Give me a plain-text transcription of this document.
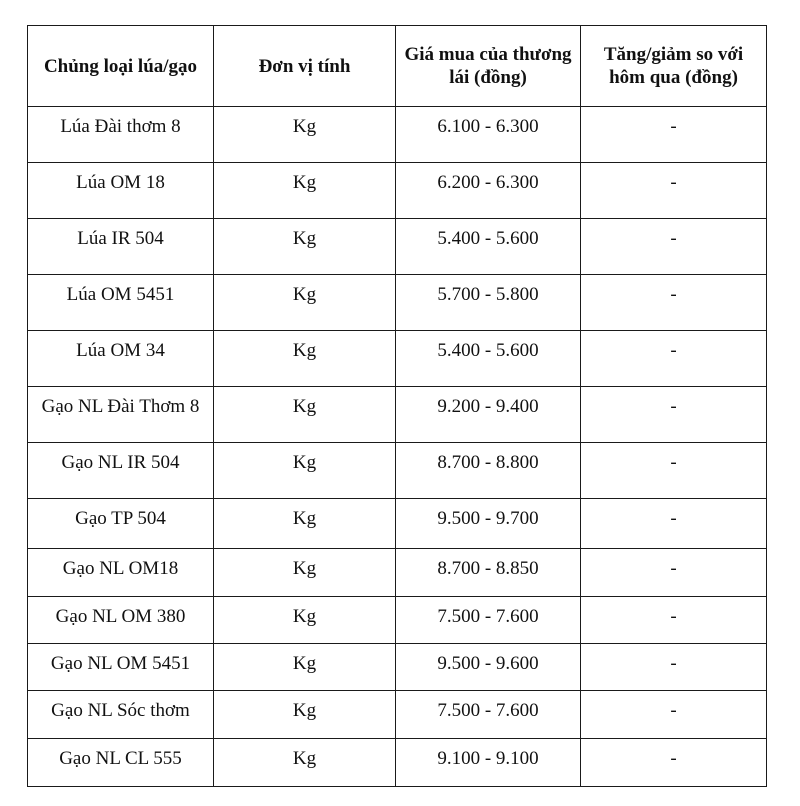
Chủng loại lúa/gạo	Đơn vị tính	Giá mua của thương lái (đồng)	Tăng/giảm so với hôm qua (đồng)
Lúa Đài thơm 8	Kg	6.100 - 6.300	-
Lúa OM 18	Kg	6.200 - 6.300	-
Lúa IR 504	Kg	5.400 - 5.600	-
Lúa OM 5451	Kg	5.700 - 5.800	-
Lúa OM 34	Kg	5.400 - 5.600	-
Gạo NL Đài Thơm 8	Kg	9.200 - 9.400	-
Gạo NL IR 504	Kg	8.700 - 8.800	-
Gạo TP 504	Kg	9.500 - 9.700	-
Gạo NL OM18	Kg	8.700 - 8.850	-
Gạo NL OM 380	Kg	7.500 - 7.600	-
Gạo NL OM 5451	Kg	9.500 - 9.600	-
Gạo NL Sóc thơm	Kg	7.500 - 7.600	-
Gạo NL CL 555	Kg	9.100 - 9.100	-
